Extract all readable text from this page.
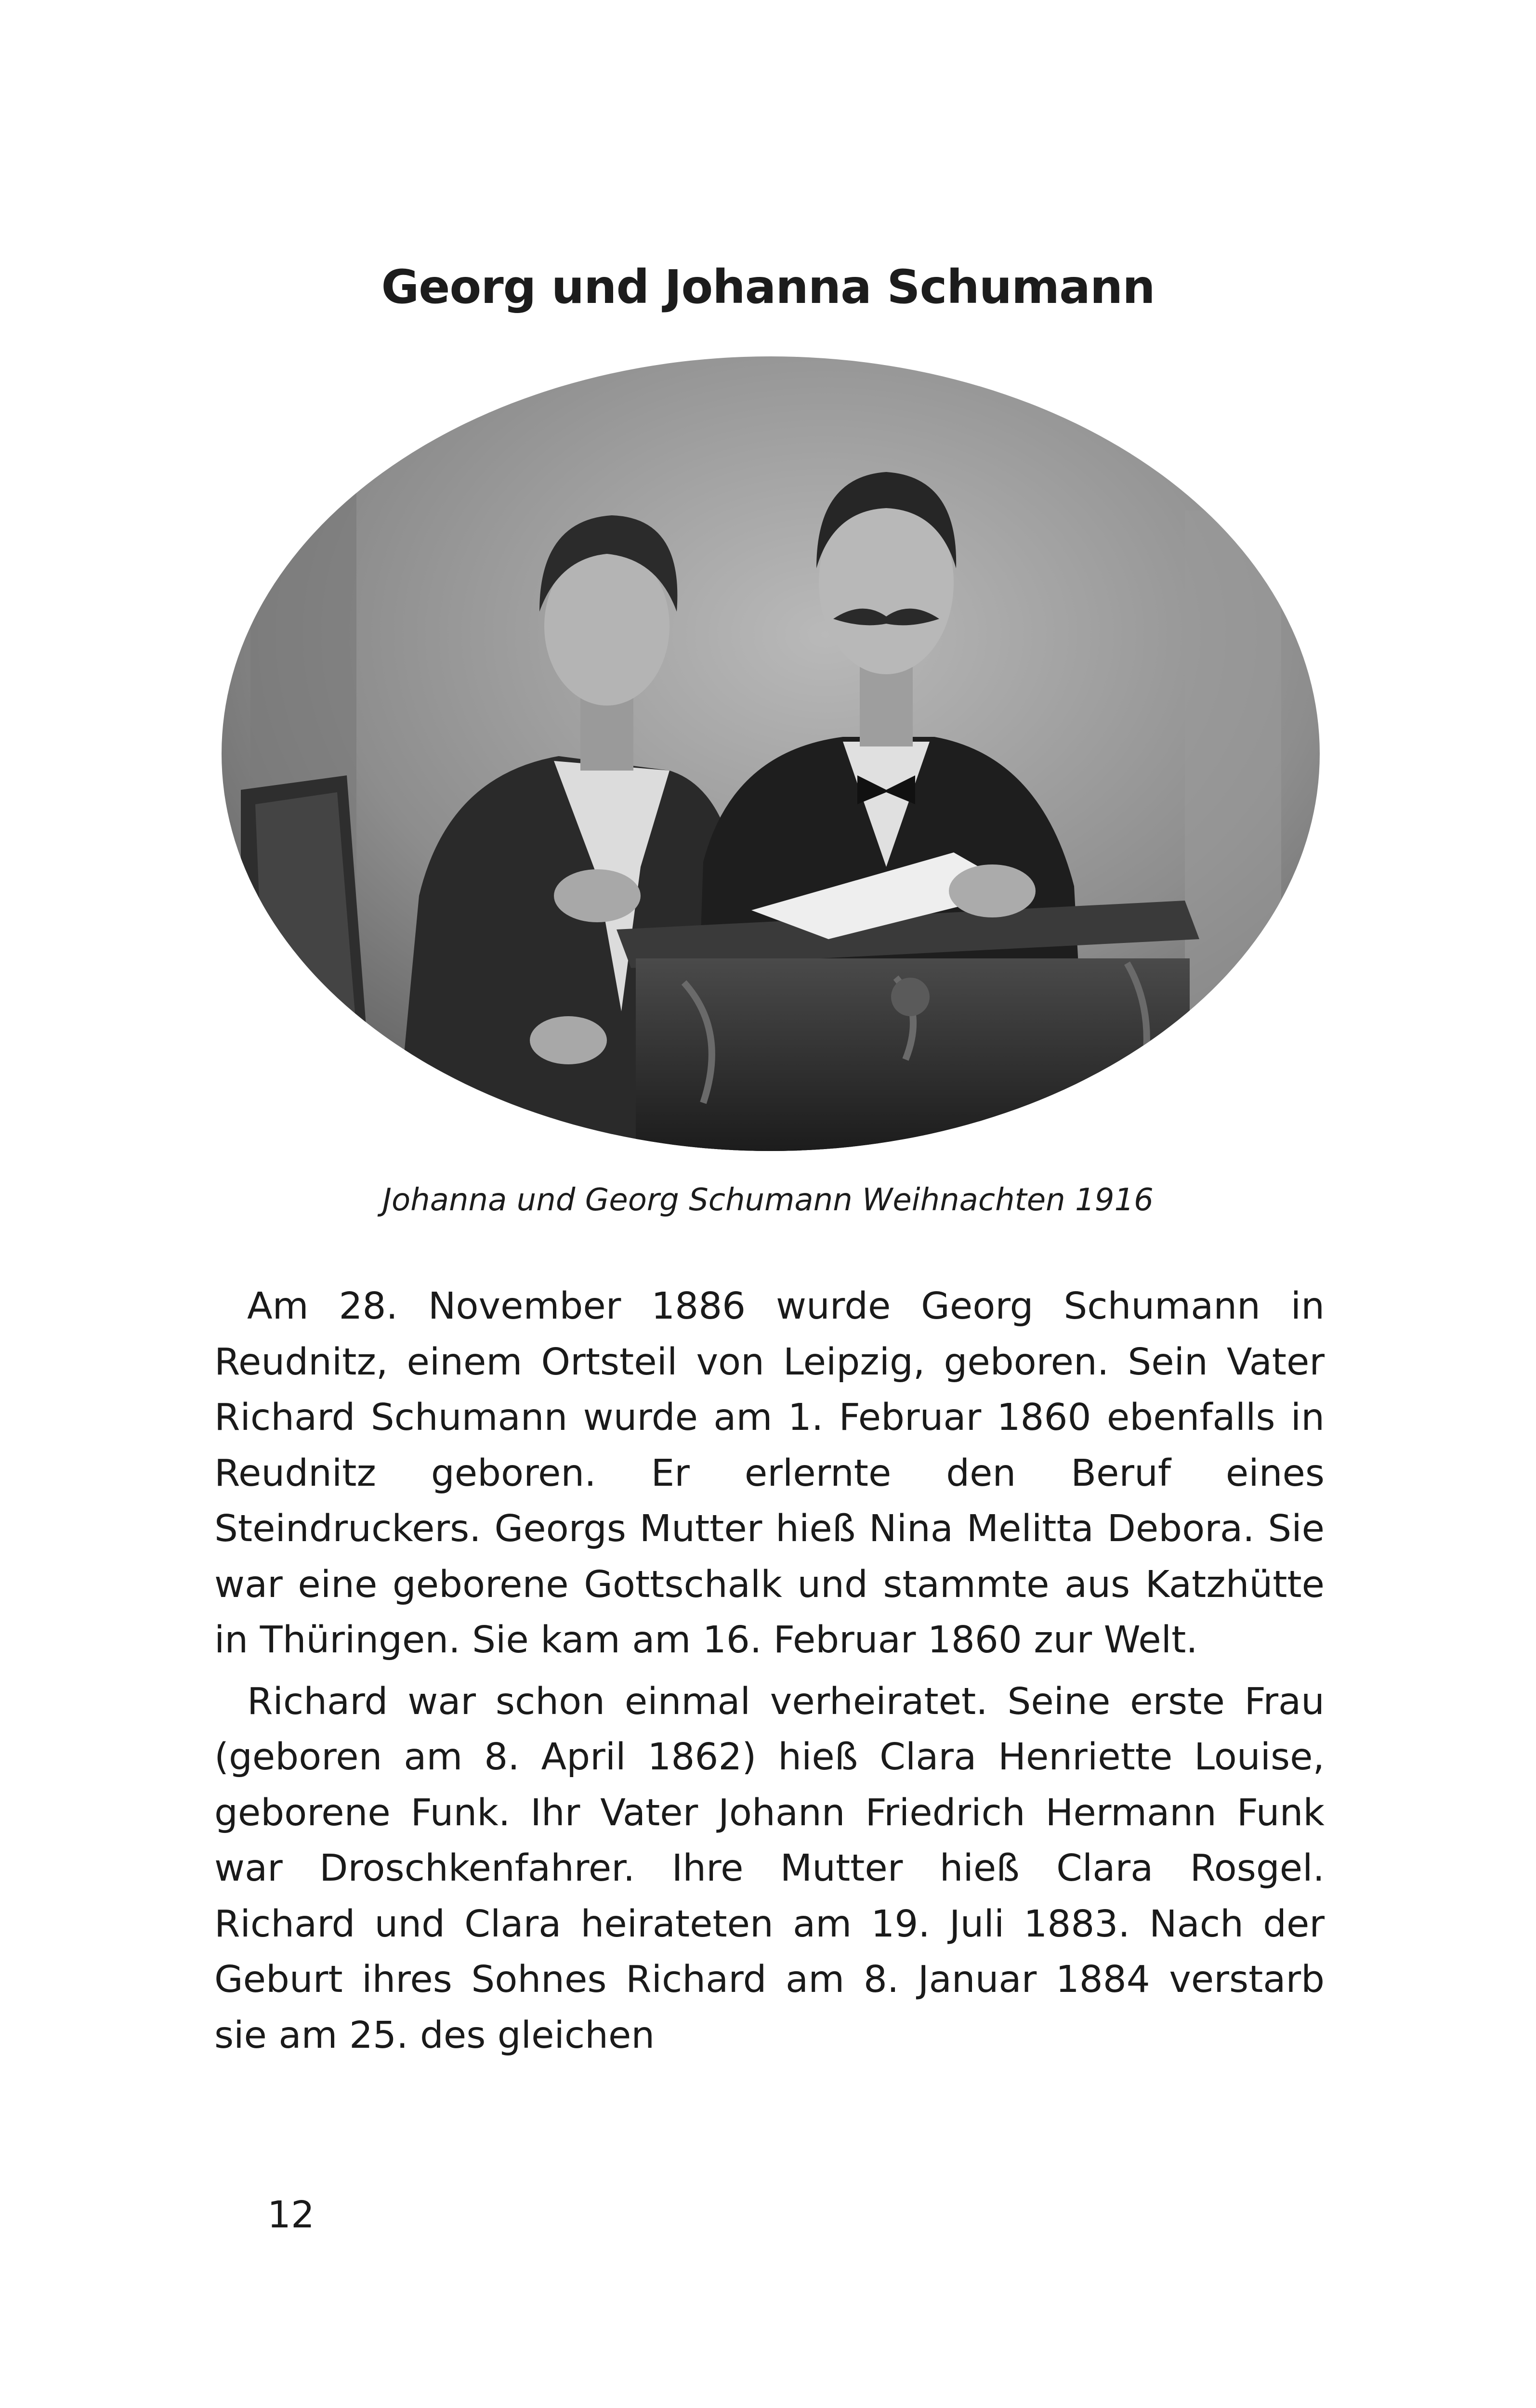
Georg und Johanna Schumann
Johanna und Georg Schumann Weihnachten 1916

Am 28. November 1886 wurde Georg Schumann in Reudnitz, einem Ortsteil von Leipzig, geboren. Sein Vater Richard Schumann wurde am 1. Februar 1860 ebenfalls in Reudnitz geboren. Er erlernte den Beruf eines Steindruckers. Georgs Mutter hieß Nina Melitta Debora. Sie war eine geborene Gottschalk und stammte aus Katzhütte in Thüringen. Sie kam am 16. Februar 1860 zur Welt.

Richard war schon einmal verheiratet. Seine erste Frau (geboren am 8. April 1862) hieß Clara Henriette Louise, geborene Funk. Ihr Vater Johann Friedrich Hermann Funk war Droschkenfahrer. Ihre Mutter hieß Clara Rosgel. Richard und Clara heirateten am 19. Juli 1883. Nach der Geburt ihres Sohnes Richard am 8. Januar 1884 verstarb sie am 25. des gleichen

12
